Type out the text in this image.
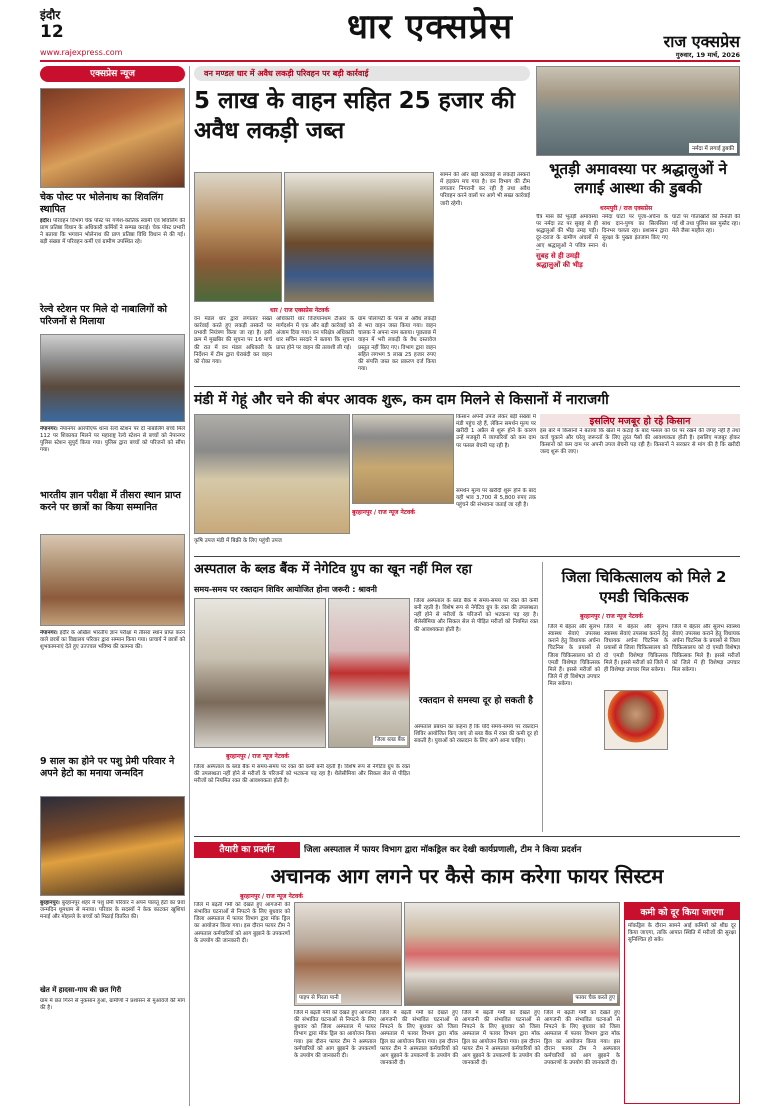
इंदौर
12
www.rajexpress.com
धार एक्सप्रेस	राज एक्सप्रेस
गुरुवार, 19 मार्च, 2026
एक्सप्रेस न्यूज
चेक पोस्ट पर भोलेनाथ का शिवलिंग स्थापित
इंदौर। परिवहन विभाग चेक पोस्ट पर गणेश-कार्तिक स्वामी एवं शिवलिंग की प्राण प्रतिष्ठा विधान के अधिकारी कर्मियों ने सम्पन्न कराई। चेक पोस्ट प्रभारी ने बताया कि भगवान भोलेनाथ की प्राण प्रतिष्ठा विधि विधान से की गई। बड़ी संख्या में परिवहन कर्मी एवं ग्रामीण उपस्थित रहे।
रेल्वे स्टेशन पर मिले दो नाबालिगों को परिजनों से मिलाया
नेपानगर। नेपानगर आरपीएफ थाना रेल्वे स्टेशन पर दो नाबालिग बच्चे मिले 112 पर शिकायत मिलने पर महाराष्ट्र रेल्वे स्टेशन से बच्चों को नेपानगर पुलिस स्टेशन सुपुर्द किया गया। पुलिस द्वारा बच्चों को परिजनों को सौंपा गया।
भारतीय ज्ञान परीक्षा में तीसरा स्थान प्राप्त करने पर छात्रों का किया सम्मानित
नेपानगर। इंदौर के अखिल भारतीय ज्ञान परीक्षा में तीसरा स्थान प्राप्त करने वाले छात्रों का विद्यालय परिवार द्वारा सम्मान किया गया। प्राचार्य ने छात्रों को शुभकामनाएं देते हुए उज्ज्वल भविष्य की कामना की।
9 साल का होने पर पशु प्रेमी परिवार ने अपने हेटो का मनाया जन्मदिन
बुरहानपुर। बुरहानपुर शहर में पशु प्रेमी परिवार ने अपने पालतू हेटो का 9वां जन्मदिन धूमधाम से मनाया। परिवार के सदस्यों ने केक काटकर खुशियां मनाई और मोहल्ले के बच्चों को मिठाई वितरित की।
खेत में हादसा-गाय की छत गिरी
ग्राम में छत गिरने से नुकसान हुआ, ग्रामीणों ने प्रशासन से मुआवजे की मांग की है।
वन मण्डल धार में अवैध लकड़ी परिवहन पर बड़ी कार्रवाई
5 लाख के वाहन सहित 25 हजार की अवैध लकड़ी जब्त
धार / राज एक्सप्रेस नेटवर्क
वन मंडल धार द्वारा लगातार सख्त कार्रवाई करते हुए लकड़ी तस्करों पर प्रभावी नियंत्रण किया जा रहा है। इसी क्रम में मुखबिर की सूचना पर 16 मार्च की रात में वन मंडल अधिकारी के निर्देशन में टीम द्वारा घेराबंदी कर वाहन को रोका गया।
अधिकारी धार विजयानंथम टीआर के मार्गदर्शन में एक और बड़ी कार्रवाई को अंजाम दिया गया। वन परिक्षेत्र अधिकारी धार सचिन सरदारे ने बताया कि सूचना प्राप्त होने पर वाहन की तलाशी ली गई।
ग्राम पोलापटी के पास से अवैध लकड़ी से भरा वाहन जब्त किया गया। वाहन चालक ने अपना नाम बताया। पूछताछ में वाहन में भरी लकड़ी के वैध दस्तावेज प्रस्तुत नहीं किए गए। विभाग द्वारा वाहन सहित लगभग 5 लाख 25 हजार रुपए की संपत्ति जब्त कर प्रकरण दर्ज किया गया।
सामने की ओर बड़ी कार्रवाई से लकड़ी तस्करों में हड़कंप मच गया है। वन विभाग की टीम लगातार निगरानी कर रही है तथा अवैध परिवहन करने वालों पर आगे भी सख्त कार्रवाई जारी रहेगी।
नर्मदा में लगाई डुबकी
भूतड़ी अमावस्या पर श्रद्धालुओं ने लगाई आस्था की डुबकी
धरमपुरी / राज एक्सप्रेस
चैत्र मास की भूतड़ी अमावस्या पर नर्मदा तट पर सुबह से ही श्रद्धालुओं की भीड़ उमड़ पड़ी। दूर-दराज के ग्रामीण अंचलों से आए श्रद्धालुओं ने पवित्र स्नान
सुबह से ही उमड़ी श्रद्धालुओं की भीड़
नर्मदा घाटों पर पूजा-अर्चना के साथ दान-पुण्य का सिलसिला दिनभर चलता रहा। प्रशासन द्वारा सुरक्षा के पुख्ता इंतजाम किए गए थे।
घाटों पर गोताखोरों की तैनाती की गई थी तथा पुलिस बल मुस्तैद रहा। मेले जैसा माहौल रहा।
मंडी में गेहूं और चने की बंपर आवक शुरू, कम दाम मिलने से किसानों में नाराजगी
बुरहानपुर / राज न्यूज नेटवर्क
किसान अपनी उपज लेकर बड़ी संख्या में मंडी पहुंच रहे हैं, लेकिन समर्थन मूल्य पर खरीदी 1 अप्रैल से शुरू होने के कारण उन्हें मजबूरी में व्यापारियों को कम दाम पर फसल बेचनी पड़ रही है।
समर्थन मूल्य पर खरीदी शुरू होने के बाद यही भाव 3,700 से 5,800 रुपए तक पहुंचने की संभावना जताई जा रही है।
कृषि उपज मंडी में बिक्री के लिए पहुंची उपज
इसलिए मजबूर हो रहे किसान
इस बारे में किसानों ने बताया कि खेतों में कटाई के बाद फसल को घर पर रखने की जगह नहीं है तथा कर्ज चुकाने और घरेलू जरूरतों के लिए तुरंत पैसों की आवश्यकता होती है। इसलिए मजबूर होकर किसानों को कम दाम पर अपनी उपज बेचनी पड़ रही है। किसानों ने सरकार से मांग की है कि खरीदी जल्द शुरू की जाए।
अस्पताल के ब्लड बैंक में नेगेटिव ग्रुप का खून नहीं मिल रहा
समय-समय पर रक्तदान शिविर आयोजित होना जरूरी : श्रावनी
जिला ब्लड बैंक
बुरहानपुर / राज न्यूज नेटवर्क
जिला अस्पताल के ब्लड बैंक में समय-समय पर रक्त की कमी बनी रहती है। विशेष रूप से नेगेटिव ग्रुप के रक्त की उपलब्धता नहीं होने से मरीजों के परिजनों को भटकना पड़ रहा है। थैलेसीमिया और सिकल सेल से पीड़ित मरीजों को नियमित रक्त की आवश्यकता होती है।
जिला अस्पताल के ब्लड बैंक में समय-समय पर रक्त की कमी बनी रहती है। विशेष रूप से नेगेटिव ग्रुप के रक्त की उपलब्धता नहीं होने से मरीजों के परिजनों को भटकना पड़ रहा है। थैलेसीमिया और सिकल सेल से पीड़ित मरीजों को नियमित रक्त की आवश्यकता होती है।
रक्तदान से समस्या दूर हो सकती है
अस्पताल प्रबंधन का कहना है कि यदि समय-समय पर रक्तदान शिविर आयोजित किए जाएं तो ब्लड बैंक में रक्त की कमी दूर हो सकती है। युवाओं को रक्तदान के लिए आगे आना चाहिए।
जिला चिकित्सालय को मिले 2 एमडी चिकित्सक
बुरहानपुर / राज न्यूज नेटवर्क
जिले में बेहतर और सुलभ स्वास्थ्य सेवाएं उपलब्ध कराने हेतु विधायक अर्चना चिटनिस के प्रयासों से जिला चिकित्सालय को दो एमडी विशेषज्ञ चिकित्सक मिले हैं। इससे मरीजों को जिले में ही विशेषज्ञ उपचार मिल सकेगा।
जिले में बेहतर और सुलभ स्वास्थ्य सेवाएं उपलब्ध कराने हेतु विधायक अर्चना चिटनिस के प्रयासों से जिला चिकित्सालय को दो एमडी विशेषज्ञ चिकित्सक मिले हैं। इससे मरीजों को जिले में ही विशेषज्ञ उपचार मिल सकेगा।
जिले में बेहतर और सुलभ स्वास्थ्य सेवाएं उपलब्ध कराने हेतु विधायक अर्चना चिटनिस के प्रयासों से जिला चिकित्सालय को दो एमडी विशेषज्ञ चिकित्सक मिले हैं। इससे मरीजों को जिले में ही विशेषज्ञ उपचार मिल सकेगा।
तैयारी का प्रदर्शन	जिला अस्पताल में फायर विभाग द्वारा मॉकड्रिल कर देखी कार्यप्रणाली, टीम ने किया प्रदर्शन
अचानक आग लगने पर कैसे काम करेगा फायर सिस्टम
बुरहानपुर / राज न्यूज नेटवर्क
जिले में बढ़ती गर्मी को देखते हुए आगजनी की संभावित घटनाओं से निपटने के लिए बुधवार को जिला अस्पताल में फायर विभाग द्वारा मॉक ड्रिल का आयोजन किया गया। इस दौरान फायर टीम ने अस्पताल कर्मचारियों को आग बुझाने के उपकरणों के उपयोग की जानकारी दी।
पाइप से गिरता पानी	फायर चैक करते हुए
जिले में बढ़ती गर्मी को देखते हुए आगजनी की संभावित घटनाओं से निपटने के लिए बुधवार को जिला अस्पताल में फायर विभाग द्वारा मॉक ड्रिल का आयोजन किया गया। इस दौरान फायर टीम ने अस्पताल कर्मचारियों को आग बुझाने के उपकरणों के उपयोग की जानकारी दी।
जिले में बढ़ती गर्मी को देखते हुए आगजनी की संभावित घटनाओं से निपटने के लिए बुधवार को जिला अस्पताल में फायर विभाग द्वारा मॉक ड्रिल का आयोजन किया गया। इस दौरान फायर टीम ने अस्पताल कर्मचारियों को आग बुझाने के उपकरणों के उपयोग की जानकारी दी।
जिले में बढ़ती गर्मी को देखते हुए आगजनी की संभावित घटनाओं से निपटने के लिए बुधवार को जिला अस्पताल में फायर विभाग द्वारा मॉक ड्रिल का आयोजन किया गया। इस दौरान फायर टीम ने अस्पताल कर्मचारियों को आग बुझाने के उपकरणों के उपयोग की जानकारी दी।
जिले में बढ़ती गर्मी को देखते हुए आगजनी की संभावित घटनाओं से निपटने के लिए बुधवार को जिला अस्पताल में फायर विभाग द्वारा मॉक ड्रिल का आयोजन किया गया। इस दौरान फायर टीम ने अस्पताल कर्मचारियों को आग बुझाने के उपकरणों के उपयोग की जानकारी दी।
कमी को दूर किया जाएगा
मॉकड्रिल के दौरान सामने आई कमियों को शीघ्र दूर किया जाएगा, ताकि आपात स्थिति में मरीजों की सुरक्षा सुनिश्चित हो सके।
